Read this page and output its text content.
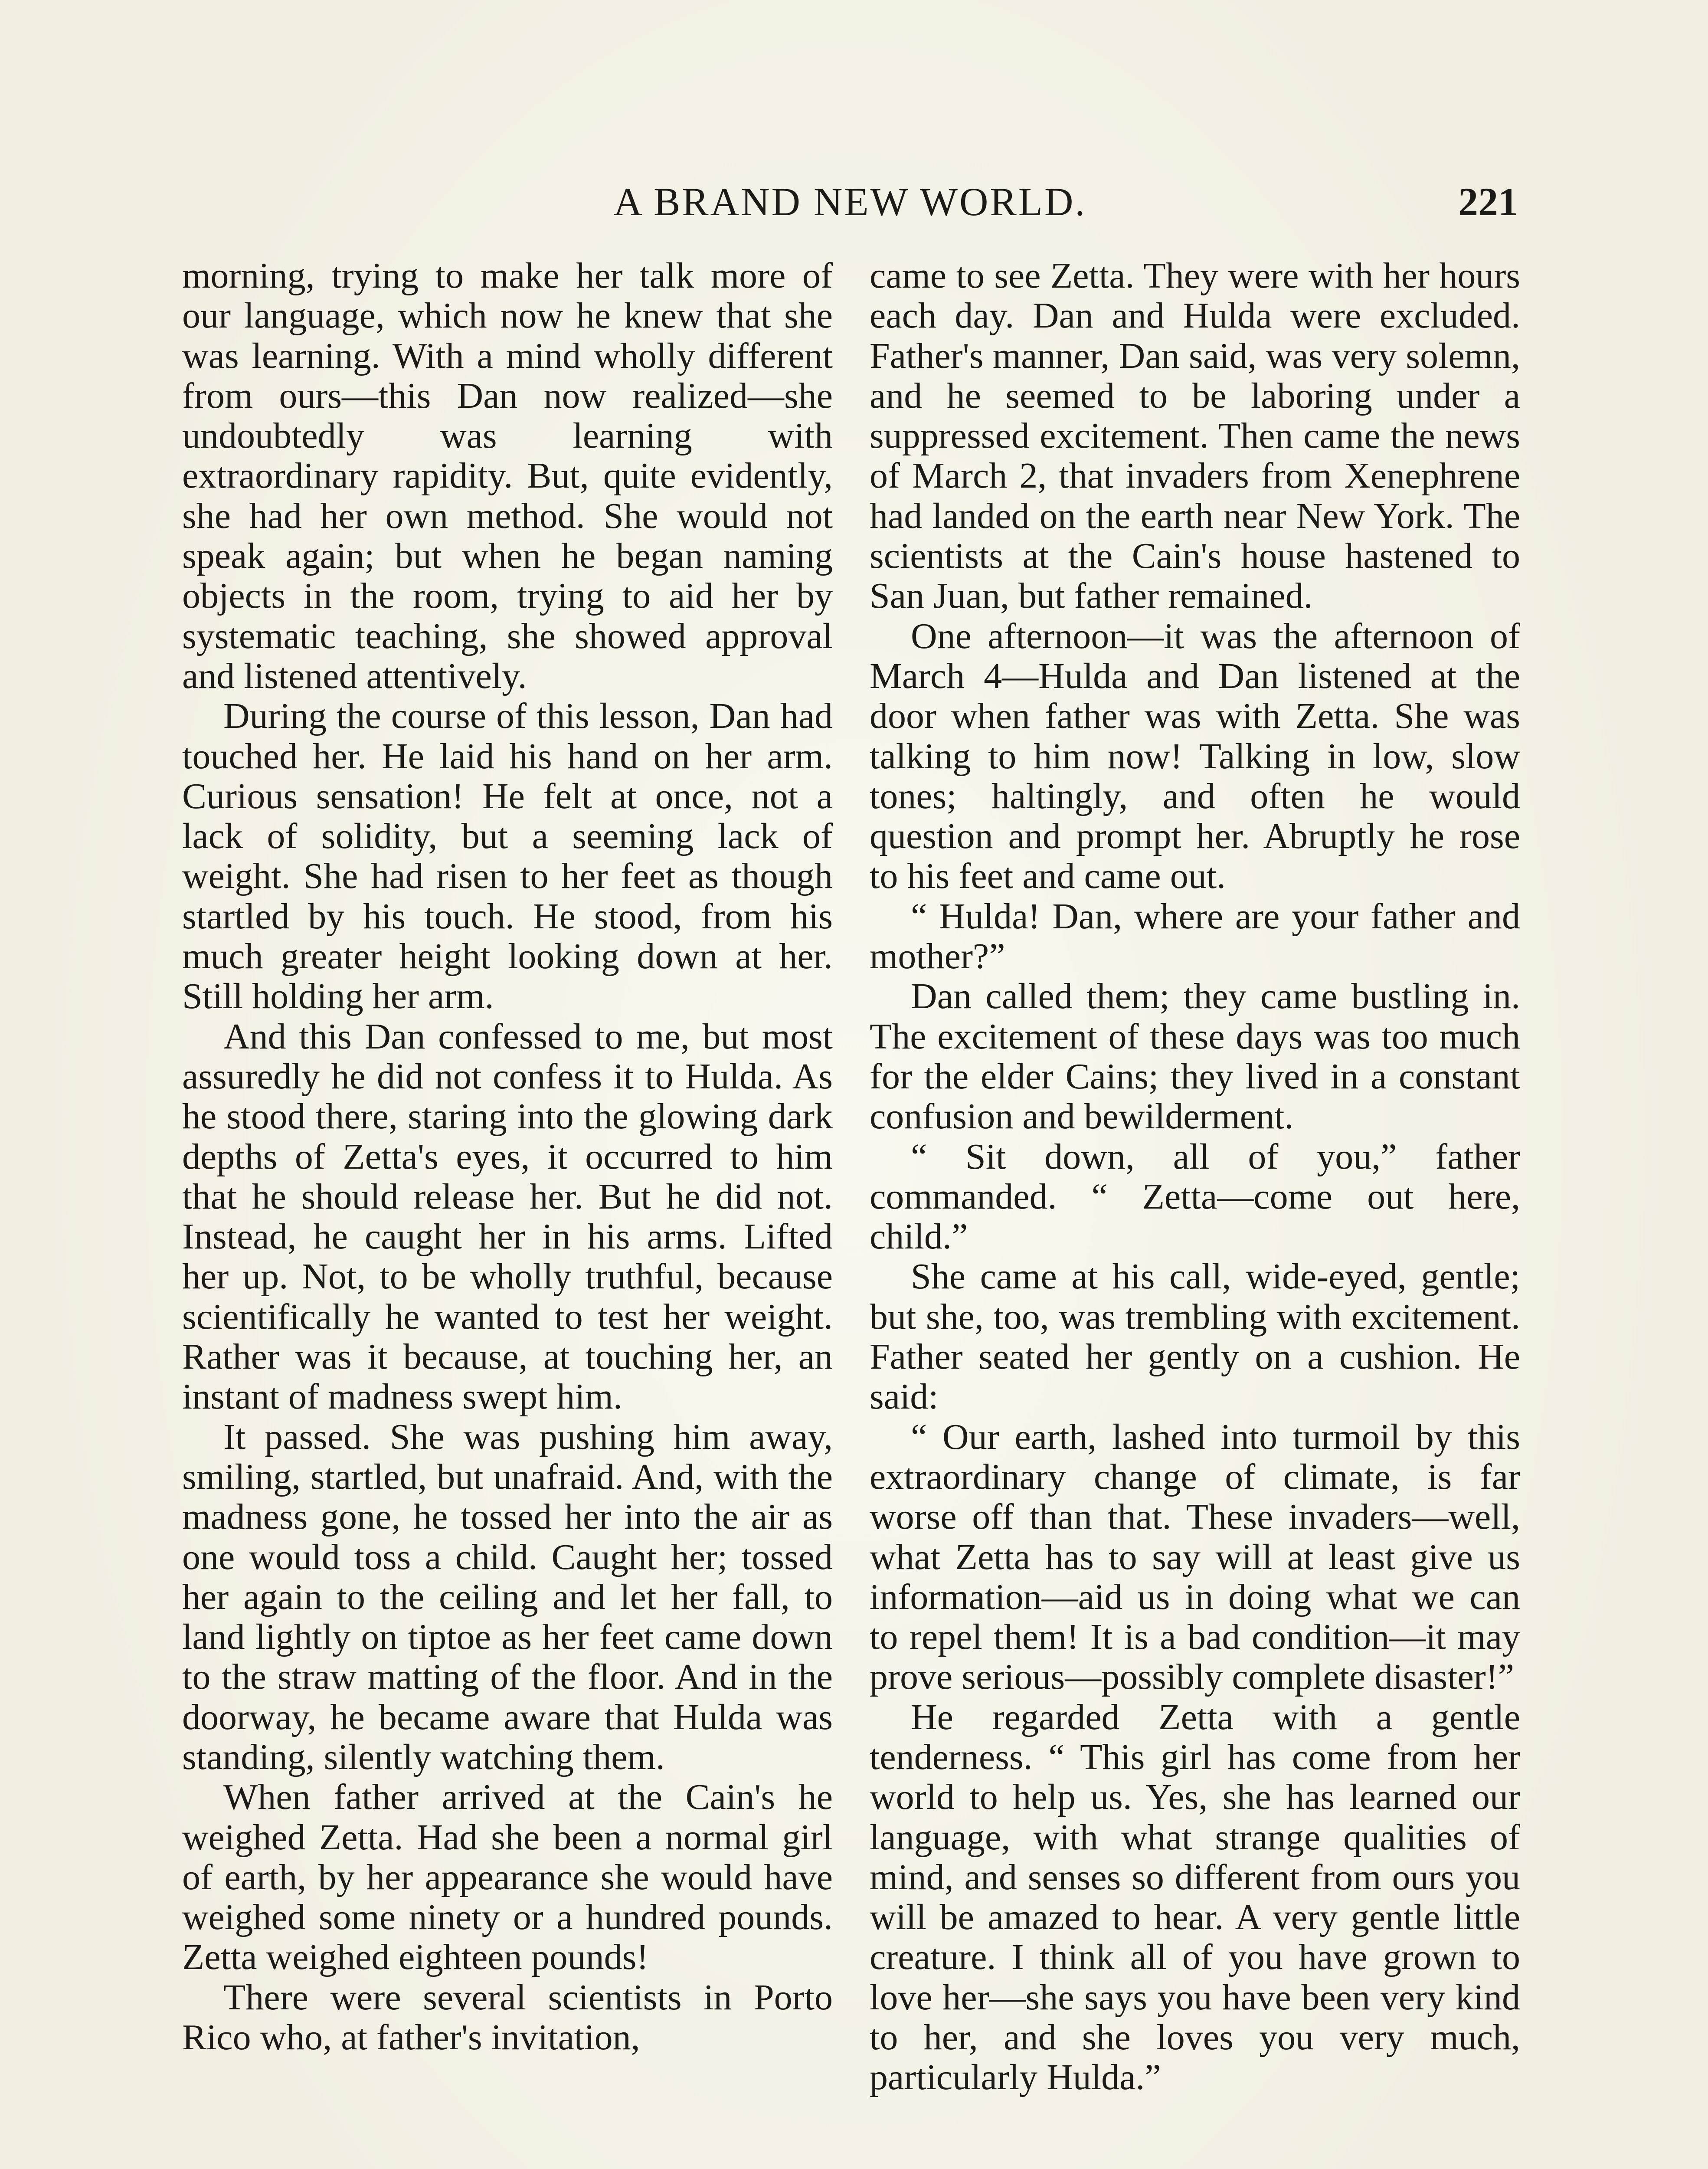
A BRAND NEW WORLD.	221

morning, trying to make her talk more of our language, which now he knew that she was learning. With a mind wholly different from ours—this Dan now realized—she undoubtedly was learning with extraordinary rapidity. But, quite evidently, she had her own method. She would not speak again; but when he began naming objects in the room, trying to aid her by systematic teaching, she showed approval and listened attentively.

During the course of this lesson, Dan had touched her. He laid his hand on her arm. Curious sensation! He felt at once, not a lack of solidity, but a seeming lack of weight. She had risen to her feet as though startled by his touch. He stood, from his much greater height looking down at her. Still holding her arm.

And this Dan confessed to me, but most assuredly he did not confess it to Hulda. As he stood there, staring into the glowing dark depths of Zetta's eyes, it occurred to him that he should release her. But he did not. Instead, he caught her in his arms. Lifted her up. Not, to be wholly truthful, because scientifically he wanted to test her weight. Rather was it because, at touching her, an instant of madness swept him.

It passed. She was pushing him away, smiling, startled, but unafraid. And, with the madness gone, he tossed her into the air as one would toss a child. Caught her; tossed her again to the ceiling and let her fall, to land lightly on tiptoe as her feet came down to the straw matting of the floor. And in the doorway, he became aware that Hulda was standing, silently watching them.

When father arrived at the Cain's he weighed Zetta. Had she been a normal girl of earth, by her appearance she would have weighed some ninety or a hundred pounds. Zetta weighed eighteen pounds!

There were several scientists in Porto Rico who, at father's invitation,

came to see Zetta. They were with her hours each day. Dan and Hulda were excluded. Father's manner, Dan said, was very solemn, and he seemed to be laboring under a suppressed excitement. Then came the news of March 2, that invaders from Xenephrene had landed on the earth near New York. The scientists at the Cain's house hastened to San Juan, but father remained.

One afternoon—it was the afternoon of March 4—Hulda and Dan listened at the door when father was with Zetta. She was talking to him now! Talking in low, slow tones; haltingly, and often he would question and prompt her. Abruptly he rose to his feet and came out.

“ Hulda! Dan, where are your father and mother?”

Dan called them; they came bustling in. The excitement of these days was too much for the elder Cains; they lived in a constant confusion and bewilderment.

“ Sit down, all of you,” father commanded. “ Zetta—come out here, child.”

She came at his call, wide-eyed, gentle; but she, too, was trembling with excitement. Father seated her gently on a cushion. He said:

“ Our earth, lashed into turmoil by this extraordinary change of climate, is far worse off than that. These invaders—well, what Zetta has to say will at least give us information—aid us in doing what we can to repel them! It is a bad condition—it may prove serious—possibly complete disaster!”

He regarded Zetta with a gentle tenderness. “ This girl has come from her world to help us. Yes, she has learned our language, with what strange qualities of mind, and senses so different from ours you will be amazed to hear. A very gentle little creature. I think all of you have grown to love her—she says you have been very kind to her, and she loves you very much, particularly Hulda.”
